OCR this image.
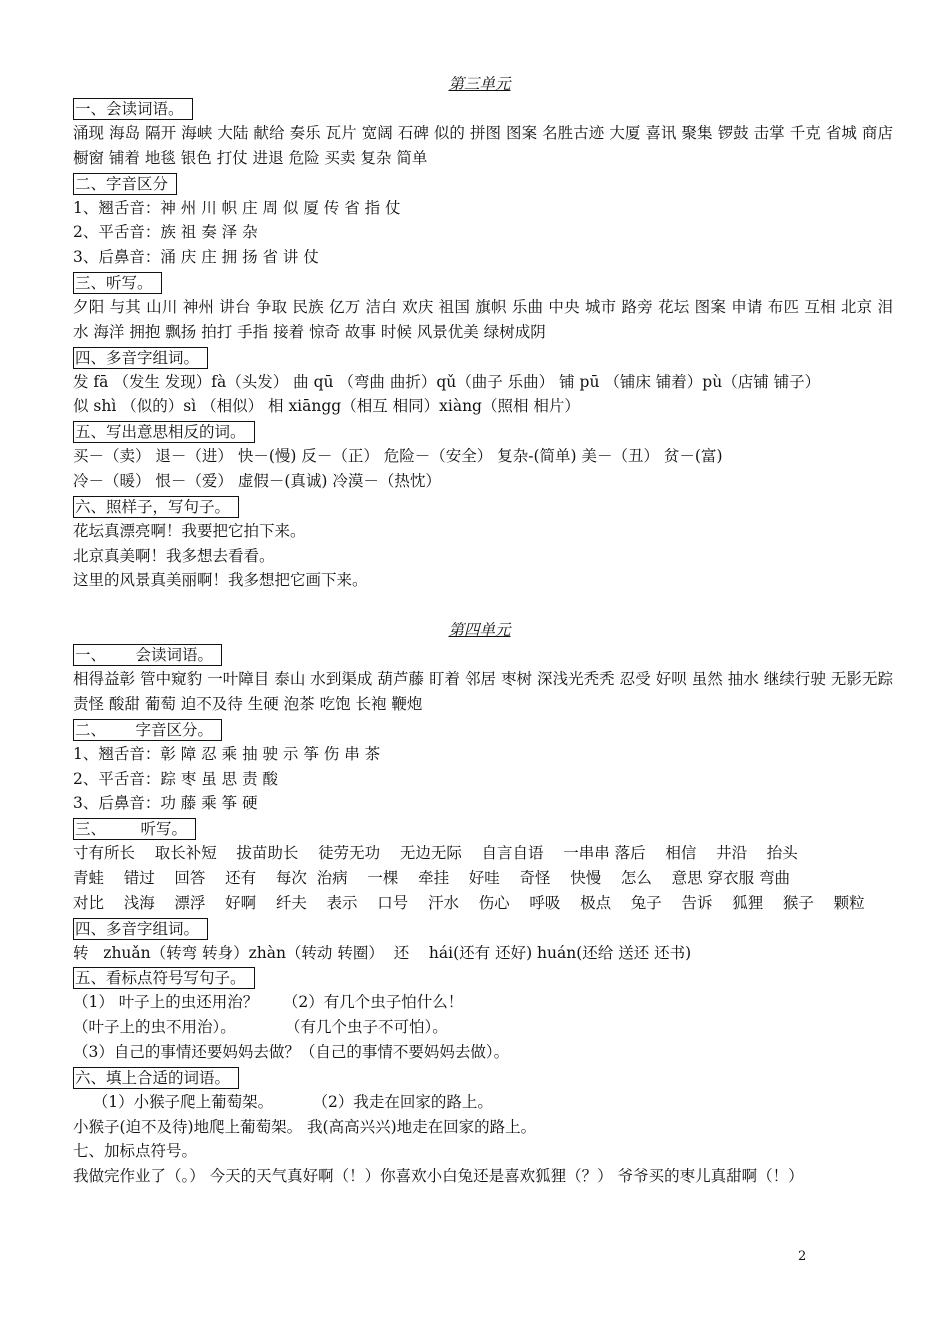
第三单元
一、会读词语。
涌现 海岛 隔开 海峡 大陆 献给 奏乐 瓦片 宽阔 石碑 似的 拼图 图案 名胜古迹 大厦 喜讯 聚集 锣鼓 击掌 千克 省城 商店 橱窗 铺着 地毯 银色 打仗 进退 危险 买卖 复杂 简单
二、字音区分
1、翘舌音：神 州 川 帜 庄 周 似 厦 传 省 指 仗
2、平舌音：族 祖 奏 泽 杂
3、后鼻音：涌 庆 庄 拥 扬 省 讲 仗
三、听写。
夕阳 与其 山川 神州 讲台 争取 民族 亿万 洁白 欢庆 祖国 旗帜 乐曲 中央 城市 路旁 花坛 图案 申请 布匹 互相 北京 泪水 海洋 拥抱 飘扬 拍打 手指 接着 惊奇 故事 时候 风景优美 绿树成阴
四、多音字组词。
发 fā （发生 发现）fà（头发） 曲 qū （弯曲 曲折）qǔ（曲子 乐曲） 铺 pū （铺床 铺着）pù（店铺 铺子）
似 shì （似的）sì （相似） 相 xiāngg（相互 相同）xiàng（照相 相片）
五、写出意思相反的词。
买－（卖） 退－（进） 快－(慢) 反－（正） 危险－（安全） 复杂-(简单) 美－（丑） 贫－(富)
冷－（暖） 恨－（爱） 虚假－(真诚) 冷漠－（热忱）
六、照样子，写句子。
花坛真漂亮啊！我要把它拍下来。
北京真美啊！我多想去看看。
这里的风景真美丽啊！我多想把它画下来。
第四单元
一、      会读词语。
相得益彰 管中窥豹 一叶障目 泰山 水到渠成 葫芦藤 盯着 邻居 枣树 深浅光秃秃 忍受 好呗 虽然 抽水 继续行驶 无影无踪 责怪 酸甜 葡萄 迫不及待 生硬 泡茶 吃饱 长袍 鞭炮
二、      字音区分。
1、翘舌音：彰 障 忍 乘 抽 驶 示 筝 伤 串 茶
2、平舌音：踪 枣 虽 思 责 酸
3、后鼻音：功 藤 乘 筝 硬
三、       听写。
寸有所长    取长补短    拔苗助长    徒劳无功    无边无际    自言自语    一串串 落后    相信    井沿    抬头
青蛙    错过    回答    还有    每次  治病    一棵    牵挂    好哇    奇怪    快慢    怎么    意思 穿衣服 弯曲
对比    浅海    漂浮    好啊    纤夫    表示    口号    汗水    伤心    呼吸    极点    兔子    告诉    狐狸    猴子    颗粒
四、多音字组词。
转   zhuǎn（转弯 转身）zhàn（转动 转圈）  还    hái(还有 还好) huán(还给 送还 还书)
五、看标点符号写句子。
（1） 叶子上的虫还用治？     （2）有几个虫子怕什么！
（叶子上的虫不用治）。          （有几个虫子不可怕）。
（3）自己的事情还要妈妈去做？（自己的事情不要妈妈去做）。
六、填上合适的词语。
（1）小猴子爬上葡萄架。        （2）我走在回家的路上。
小猴子(迫不及待)地爬上葡萄架。 我(高高兴兴)地走在回家的路上。
七、加标点符号。
我做完作业了（。） 今天的天气真好啊（！）你喜欢小白兔还是喜欢狐狸（？） 爷爷买的枣儿真甜啊（！）
2
